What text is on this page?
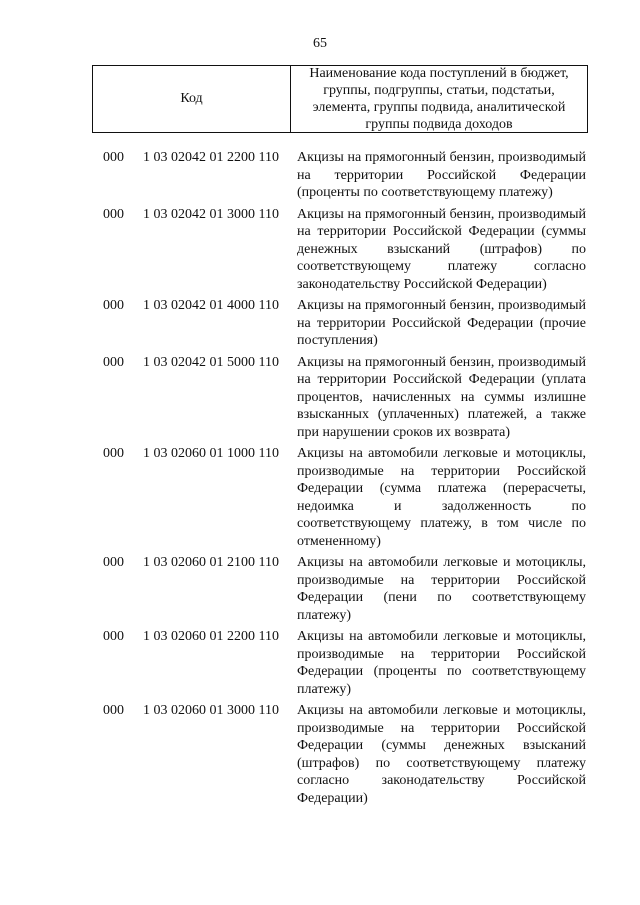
65
Код
Наименование кода поступлений в бюджет, группы, подгруппы, статьи, подстатьи, элемента, группы подвида, аналитической группы подвида доходов
000	1 03 02042 01 2200 110	Акцизы на прямогонный бензин, производимый на территории Российской Федерации (проценты по соответствующему платежу)
000	1 03 02042 01 3000 110	Акцизы на прямогонный бензин, производимый на территории Российской Федерации (суммы денежных взысканий (штрафов) по соответствующему платежу согласно законодательству Российской Федерации)
000	1 03 02042 01 4000 110	Акцизы на прямогонный бензин, производимый на территории Российской Федерации (прочие поступления)
000	1 03 02042 01 5000 110	Акцизы на прямогонный бензин, производимый на территории Российской Федерации (уплата процентов, начисленных на суммы излишне взысканных (уплаченных) платежей, а также при нарушении сроков их возврата)
000	1 03 02060 01 1000 110	Акцизы на автомобили легковые и мотоциклы, производимые на территории Российской Федерации (сумма платежа (перерасчеты, недоимка и задолженность по соответствующему платежу, в том числе по отмененному)
000	1 03 02060 01 2100 110	Акцизы на автомобили легковые и мотоциклы, производимые на территории Российской Федерации (пени по соответствующему платежу)
000	1 03 02060 01 2200 110	Акцизы на автомобили легковые и мотоциклы, производимые на территории Российской Федерации (проценты по соответствующему платежу)
000	1 03 02060 01 3000 110	Акцизы на автомобили легковые и мотоциклы, производимые на территории Российской Федерации (суммы денежных взысканий (штрафов) по соответствующему платежу согласно законодательству Российской Федерации)
